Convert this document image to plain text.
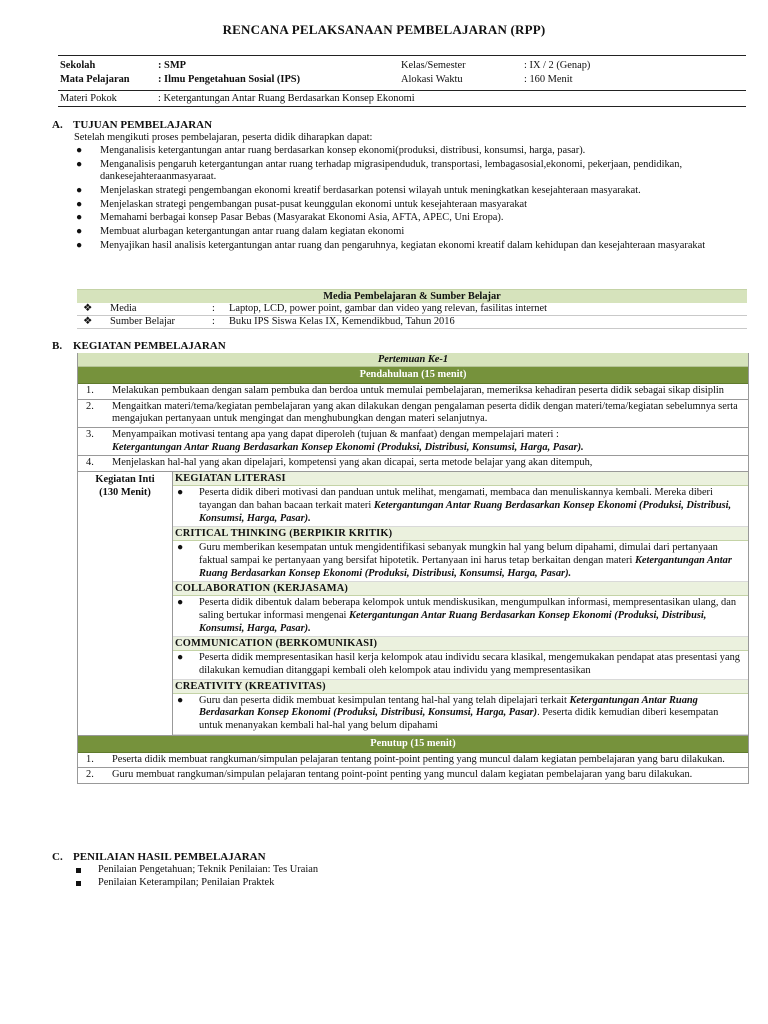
RENCANA PELAKSANAAN PEMBELAJARAN (RPP)
Sekolah	: SMP	Kelas/Semester	: IX / 2 (Genap)
Mata Pelajaran	: Ilmu Pengetahuan Sosial (IPS)	Alokasi Waktu	: 160 Menit
Materi Pokok	: Ketergantungan Antar Ruang Berdasarkan Konsep Ekonomi
A. TUJUAN PEMBELAJARAN
Setelah mengikuti proses pembelajaran, peserta didik diharapkan dapat:
● Menganalisis ketergantungan antar ruang berdasarkan konsep ekonomi(produksi, distribusi, konsumsi, harga, pasar).
● Menganalisis pengaruh ketergantungan antar ruang terhadap migrasipenduduk, transportasi, lembagasosial,ekonomi, pekerjaan, pendidikan, dankesejahteraanmasyaraat.
● Menjelaskan strategi pengembangan ekonomi kreatif berdasarkan potensi wilayah untuk meningkatkan kesejahteraan masyarakat.
● Menjelaskan strategi pengembangan pusat-pusat keunggulan ekonomi untuk kesejahteraan masyarakat
● Memahami berbagai konsep Pasar Bebas (Masyarakat Ekonomi Asia, AFTA, APEC, Uni Eropa).
● Membuat alurbagan ketergantungan antar ruang dalam kegiatan ekonomi
● Menyajikan hasil analisis ketergantungan antar ruang dan pengaruhnya, kegiatan ekonomi kreatif dalam kehidupan dan kesejahteraan masyarakat
Media Pembelajaran & Sumber Belajar
❖ Media	: Laptop, LCD, power point, gambar dan video yang relevan, fasilitas internet
❖ Sumber Belajar	: Buku IPS Siswa Kelas IX, Kemendikbud, Tahun 2016
B. KEGIATAN PEMBELAJARAN
Pertemuan Ke-1
Pendahuluan (15 menit)
1. Melakukan pembukaan dengan salam pembuka dan berdoa untuk memulai pembelajaran, memeriksa kehadiran peserta didik sebagai sikap disiplin
2. Mengaitkan materi/tema/kegiatan pembelajaran yang akan dilakukan dengan pengalaman peserta didik dengan materi/tema/kegiatan sebelumnya serta mengajukan pertanyaan untuk mengingat dan menghubungkan dengan materi selanjutnya.
3. Menyampaikan motivasi tentang apa yang dapat diperoleh (tujuan & manfaat) dengan mempelajari materi :
Ketergantungan Antar Ruang Berdasarkan Konsep Ekonomi (Produksi, Distribusi, Konsumsi, Harga, Pasar).
4. Menjelaskan hal-hal yang akan dipelajari, kompetensi yang akan dicapai, serta metode belajar yang akan ditempuh,
Kegiatan Inti
(130 Menit)
KEGIATAN LITERASI
● Peserta didik diberi motivasi dan panduan untuk melihat, mengamati, membaca dan menuliskannya kembali. Mereka diberi tayangan dan bahan bacaan terkait materi Ketergantungan Antar Ruang Berdasarkan Konsep Ekonomi (Produksi, Distribusi, Konsumsi, Harga, Pasar).
CRITICAL THINKING (BERPIKIR KRITIK)
● Guru memberikan kesempatan untuk mengidentifikasi sebanyak mungkin hal yang belum dipahami, dimulai dari pertanyaan faktual sampai ke pertanyaan yang bersifat hipotetik. Pertanyaan ini harus tetap berkaitan dengan materi Ketergantungan Antar Ruang Berdasarkan Konsep Ekonomi (Produksi, Distribusi, Konsumsi, Harga, Pasar).
COLLABORATION (KERJASAMA)
● Peserta didik dibentuk dalam beberapa kelompok untuk mendiskusikan, mengumpulkan informasi, mempresentasikan ulang, dan saling bertukar informasi mengenai Ketergantungan Antar Ruang Berdasarkan Konsep Ekonomi (Produksi, Distribusi, Konsumsi, Harga, Pasar).
COMMUNICATION (BERKOMUNIKASI)
● Peserta didik mempresentasikan hasil kerja kelompok atau individu secara klasikal, mengemukakan pendapat atas presentasi yang dilakukan kemudian ditanggapi kembali oleh kelompok atau individu yang mempresentasikan
CREATIVITY (KREATIVITAS)
● Guru dan peserta didik membuat kesimpulan tentang hal-hal yang telah dipelajari terkait Ketergantungan Antar Ruang Berdasarkan Konsep Ekonomi (Produksi, Distribusi, Konsumsi, Harga, Pasar). Peserta didik kemudian diberi kesempatan untuk menanyakan kembali hal-hal yang belum dipahami
Penutup (15 menit)
1. Peserta didik membuat rangkuman/simpulan pelajaran tentang point-point penting yang muncul dalam kegiatan pembelajaran yang baru dilakukan.
2. Guru membuat rangkuman/simpulan pelajaran tentang point-point penting yang muncul dalam kegiatan pembelajaran yang baru dilakukan.
C. PENILAIAN HASIL PEMBELAJARAN
Penilaian Pengetahuan; Teknik Penilaian: Tes Uraian
Penilaian Keterampilan; Penilaian Praktek
